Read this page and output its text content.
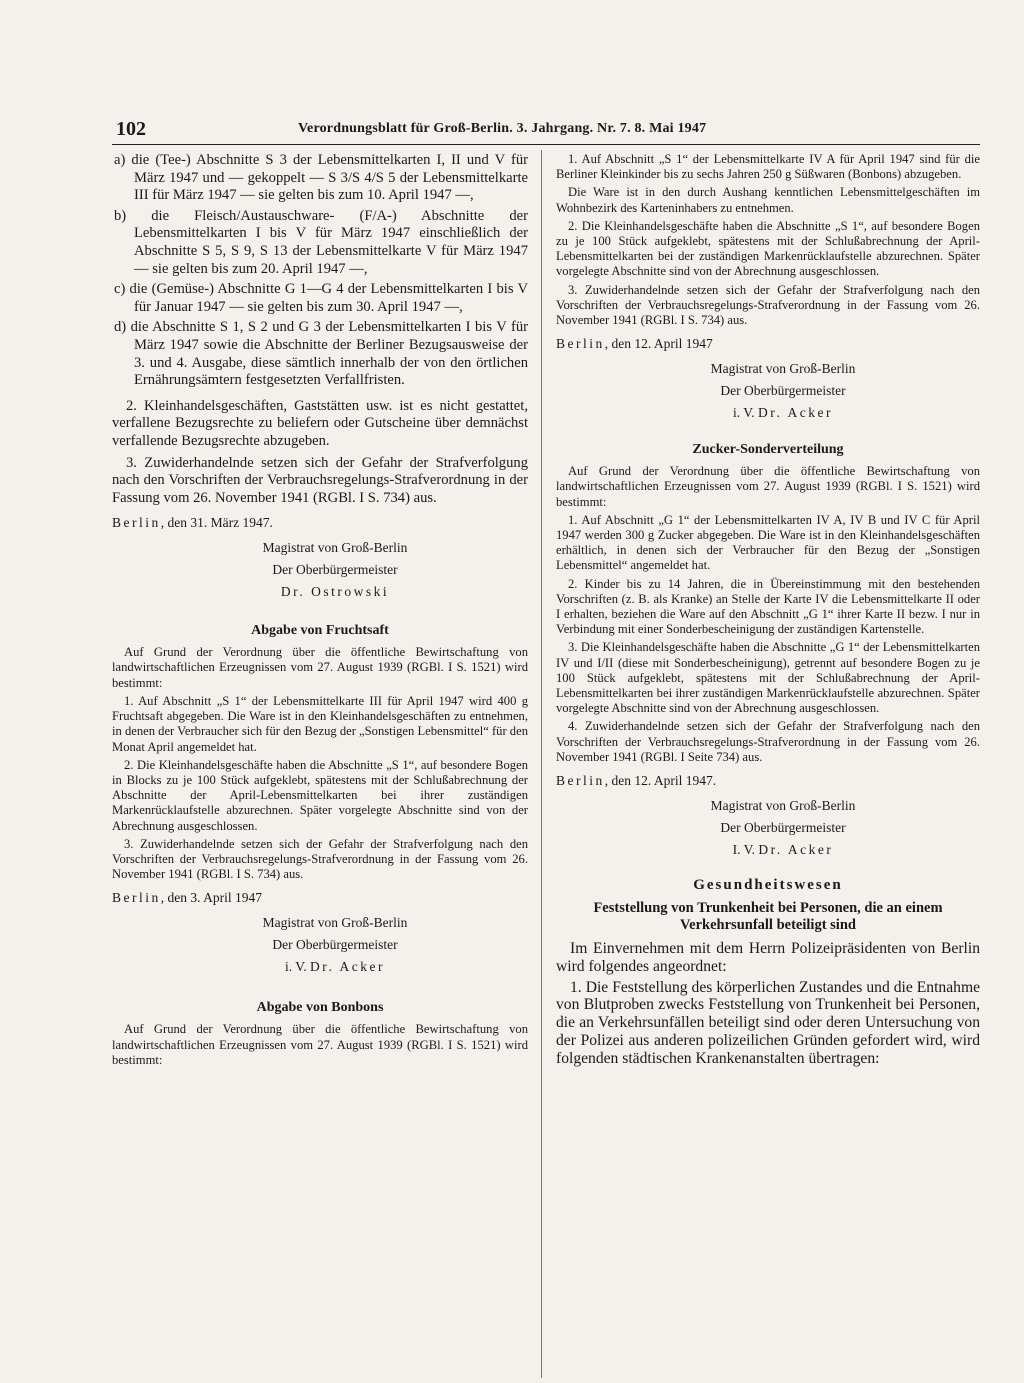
102	Verordnungsblatt für Groß-Berlin. 3. Jahrgang. Nr. 7. 8. Mai 1947

a) die (Tee-) Abschnitte S 3 der Lebensmittelkarten I, II und V für März 1947 und — gekoppelt — S 3/S 4/S 5 der Lebensmittelkarte III für März 1947 — sie gelten bis zum 10. April 1947 —,

b) die Fleisch/Austauschware- (F/A-) Abschnitte der Lebensmittelkarten I bis V für März 1947 einschließlich der Abschnitte S 5, S 9, S 13 der Lebensmittelkarte V für März 1947 — sie gelten bis zum 20. April 1947 —,

c) die (Gemüse-) Abschnitte G 1—G 4 der Lebensmittelkarten I bis V für Januar 1947 — sie gelten bis zum 30. April 1947 —,

d) die Abschnitte S 1, S 2 und G 3 der Lebensmittelkarten I bis V für März 1947 sowie die Abschnitte der Berliner Bezugsausweise der 3. und 4. Ausgabe, diese sämtlich innerhalb der von den örtlichen Ernährungsämtern festgesetzten Verfallfristen.

2. Kleinhandelsgeschäften, Gaststätten usw. ist es nicht gestattet, verfallene Bezugsrechte zu beliefern oder Gutscheine über demnächst verfallende Bezugsrechte abzugeben.

3. Zuwiderhandelnde setzen sich der Gefahr der Strafverfolgung nach den Vorschriften der Verbrauchsregelungs-Strafverordnung in der Fassung vom 26. November 1941 (RGBl. I S. 734) aus.

Berlin, den 31. März 1947.
Magistrat von Groß-Berlin
Der Oberbürgermeister
Dr. Ostrowski
Abgabe von Fruchtsaft

Auf Grund der Verordnung über die öffentliche Bewirtschaftung von landwirtschaftlichen Erzeugnissen vom 27. August 1939 (RGBl. I S. 1521) wird bestimmt:

1. Auf Abschnitt „S 1“ der Lebensmittelkarte III für April 1947 wird 400 g Fruchtsaft abgegeben. Die Ware ist in den Kleinhandelsgeschäften zu entnehmen, in denen der Verbraucher sich für den Bezug der „Sonstigen Lebensmittel“ für den Monat April angemeldet hat.

2. Die Kleinhandelsgeschäfte haben die Abschnitte „S 1“, auf besondere Bogen in Blocks zu je 100 Stück aufgeklebt, spätestens mit der Schlußabrechnung der Abschnitte der April-Lebensmittelkarten bei ihrer zuständigen Markenrücklaufstelle abzurechnen. Später vorgelegte Abschnitte sind von der Abrechnung ausgeschlossen.

3. Zuwiderhandelnde setzen sich der Gefahr der Strafverfolgung nach den Vorschriften der Verbrauchsregelungs-Strafverordnung in der Fassung vom 26. November 1941 (RGBl. I S. 734) aus.

Berlin, den 3. April 1947
Magistrat von Groß-Berlin
Der Oberbürgermeister
i. V. Dr. Acker
Abgabe von Bonbons

Auf Grund der Verordnung über die öffentliche Bewirtschaftung von landwirtschaftlichen Erzeugnissen vom 27. August 1939 (RGBl. I S. 1521) wird bestimmt:

1. Auf Abschnitt „S 1“ der Lebensmittelkarte IV A für April 1947 sind für die Berliner Kleinkinder bis zu sechs Jahren 250 g Süßwaren (Bonbons) abzugeben.

Die Ware ist in den durch Aushang kenntlichen Lebensmittelgeschäften im Wohnbezirk des Karteninhabers zu entnehmen.

2. Die Kleinhandelsgeschäfte haben die Abschnitte „S 1“, auf besondere Bogen zu je 100 Stück aufgeklebt, spätestens mit der Schlußabrechnung der April-Lebensmittelkarten bei der zuständigen Markenrücklaufstelle abzurechnen. Später vorgelegte Abschnitte sind von der Abrechnung ausgeschlossen.

3. Zuwiderhandelnde setzen sich der Gefahr der Strafverfolgung nach den Vorschriften der Verbrauchsregelungs-Strafverordnung in der Fassung vom 26. November 1941 (RGBl. I S. 734) aus.

Berlin, den 12. April 1947
Magistrat von Groß-Berlin
Der Oberbürgermeister
i. V. Dr. Acker
Zucker-Sonderverteilung

Auf Grund der Verordnung über die öffentliche Bewirtschaftung von landwirtschaftlichen Erzeugnissen vom 27. August 1939 (RGBl. I S. 1521) wird bestimmt:

1. Auf Abschnitt „G 1“ der Lebensmittelkarten IV A, IV B und IV C für April 1947 werden 300 g Zucker abgegeben. Die Ware ist in den Kleinhandelsgeschäften erhältlich, in denen sich der Verbraucher für den Bezug der „Sonstigen Lebensmittel“ angemeldet hat.

2. Kinder bis zu 14 Jahren, die in Übereinstimmung mit den bestehenden Vorschriften (z. B. als Kranke) an Stelle der Karte IV die Lebensmittelkarte II oder I erhalten, beziehen die Ware auf den Abschnitt „G 1“ ihrer Karte II bezw. I nur in Verbindung mit einer Sonderbescheinigung der zuständigen Kartenstelle.

3. Die Kleinhandelsgeschäfte haben die Abschnitte „G 1“ der Lebensmittelkarten IV und I/II (diese mit Sonderbescheinigung), getrennt auf besondere Bogen zu je 100 Stück aufgeklebt, spätestens mit der Schlußabrechnung der April-Lebensmittelkarten bei ihrer zuständigen Markenrücklaufstelle abzurechnen. Später vorgelegte Abschnitte sind von der Abrechnung ausgeschlossen.

4. Zuwiderhandelnde setzen sich der Gefahr der Strafverfolgung nach den Vorschriften der Verbrauchsregelungs-Strafverordnung in der Fassung vom 26. November 1941 (RGBl. I Seite 734) aus.

Berlin, den 12. April 1947.
Magistrat von Groß-Berlin
Der Oberbürgermeister
I. V. Dr. Acker
Gesundheitswesen
Feststellung von Trunkenheit bei Personen, die an einem Verkehrsunfall beteiligt sind

Im Einvernehmen mit dem Herrn Polizeipräsidenten von Berlin wird folgendes angeordnet:

1. Die Feststellung des körperlichen Zustandes und die Entnahme von Blutproben zwecks Feststellung von Trunkenheit bei Personen, die an Verkehrsunfällen beteiligt sind oder deren Untersuchung von der Polizei aus anderen polizeilichen Gründen gefordert wird, wird folgenden städtischen Krankenanstalten übertragen:
